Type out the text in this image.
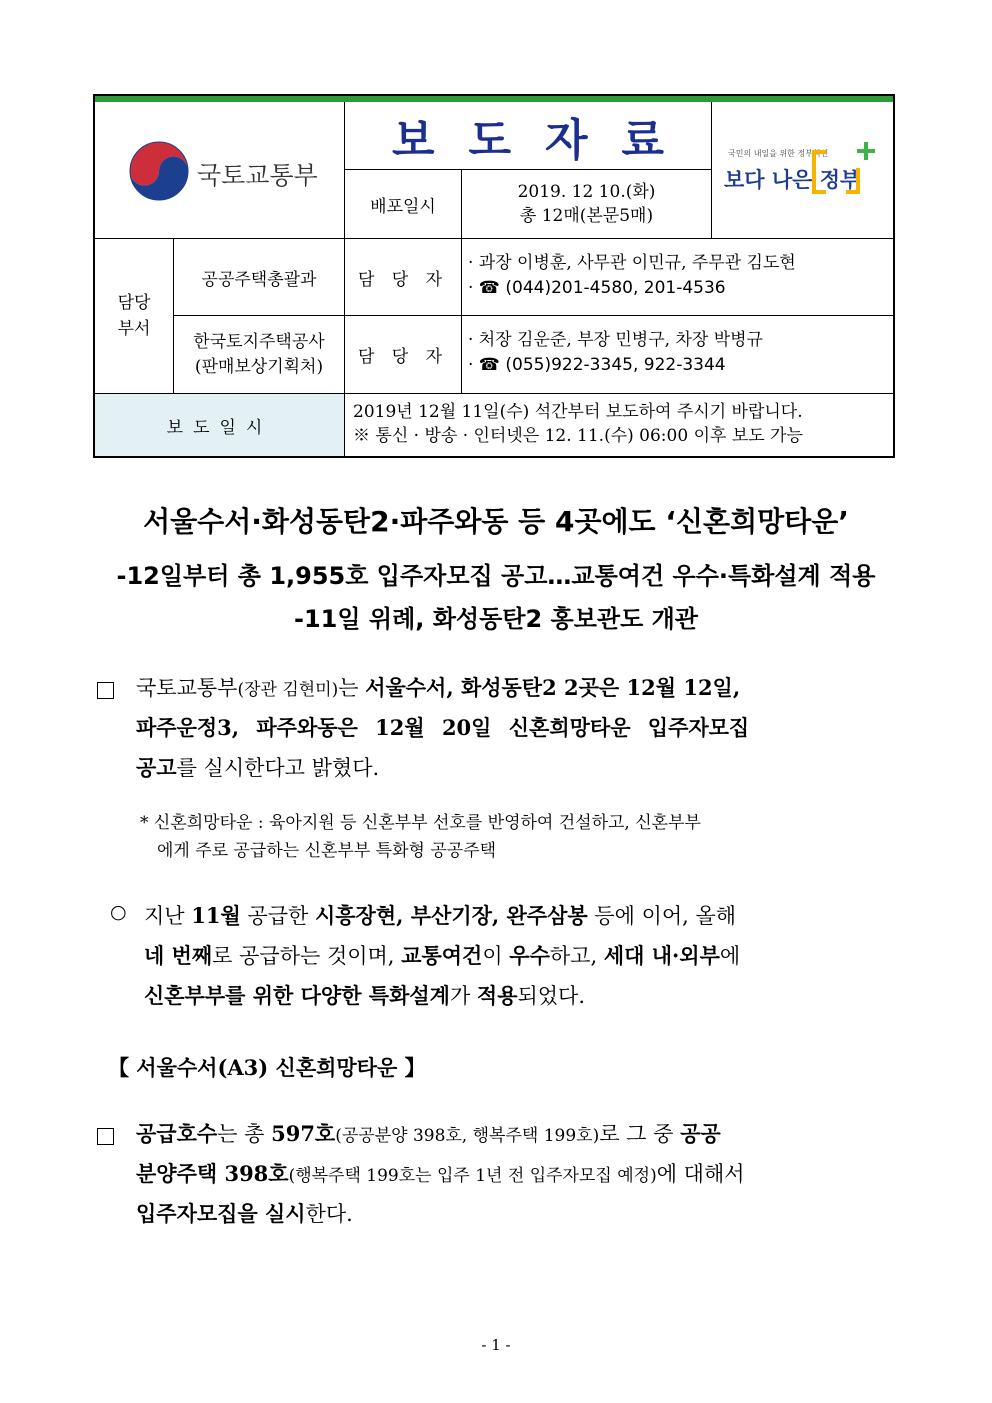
국토교통부
보도자료	국민의 내일을 위한 정부혁신
보다 나은 정부
배포일시
2019. 12 10.(화)
총 12매(본문5매)
담당
부서
공공주택총괄과
한국토지주택공사
(판매보상기획처)
담 당 자
담 당 자
· 과장 이병훈, 사무관 이민규, 주무관 김도현
· ☎ (044)201-4580, 201-4536
· 처장 김운준, 부장 민병구, 차장 박병규
· ☎ (055)922-3345, 922-3344
보도일시
2019년 12월 11일(수) 석간부터 보도하여 주시기 바랍니다.
※ 통신 · 방송 · 인터넷은 12. 11.(수) 06:00 이후 보도 가능
서울수서·화성동탄2·파주와동 등 4곳에도 ‘신혼희망타운’
-12일부터 총 1,955호 입주자모집 공고…교통여건 우수·특화설계 적용
-11일 위례, 화성동탄2 홍보관도 개관
국토교통부(장관 김현미)는 서울수서, 화성동탄2 2곳은 12월 12일,
파주운정3, 파주와동은 12월 20일 신혼희망타운 입주자모집
공고를 실시한다고 밝혔다.
* 신혼희망타운 : 육아지원 등 신혼부부 선호를 반영하여 건설하고, 신혼부부
에게 주로 공급하는 신혼부부 특화형 공공주택
○ 지난 11월 공급한 시흥장현, 부산기장, 완주삼봉 등에 이어, 올해
네 번째로 공급하는 것이며, 교통여건이 우수하고, 세대 내·외부에
신혼부부를 위한 다양한 특화설계가 적용되었다.
【 서울수서(A3) 신혼희망타운 】
공급호수는 총 597호(공공분양 398호, 행복주택 199호)로 그 중 공공
분양주택 398호(행복주택 199호는 입주 1년 전 입주자모집 예정)에 대해서
입주자모집을 실시한다.
- 1 -
